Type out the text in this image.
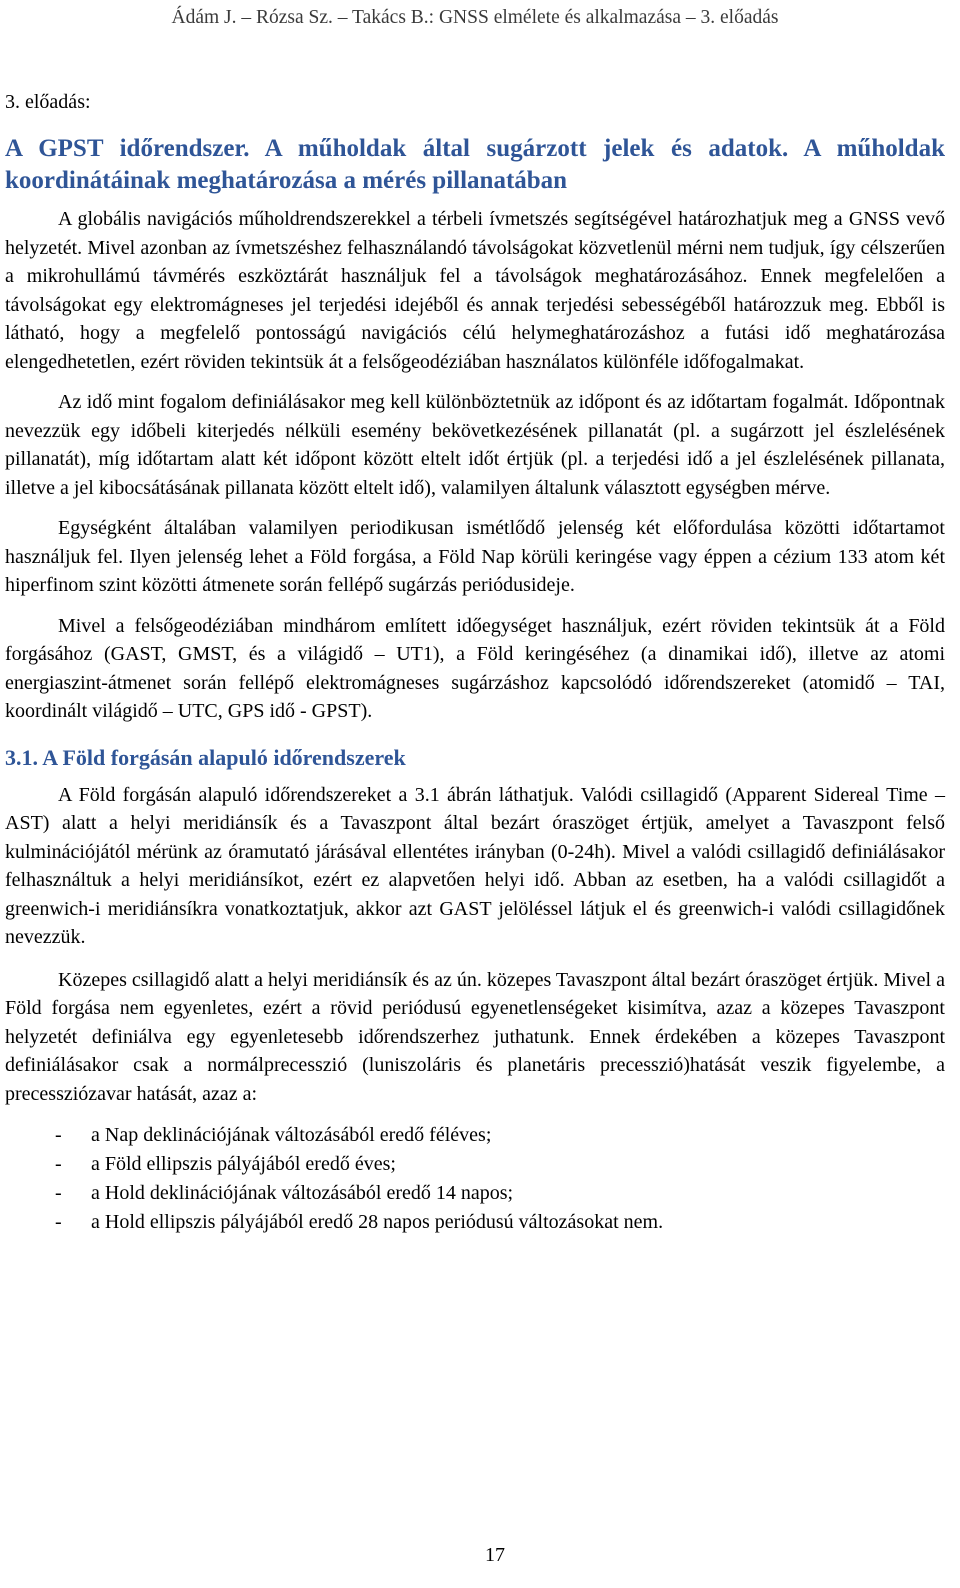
Ádám J. – Rózsa Sz. – Takács B.: GNSS elmélete és alkalmazása – 3. előadás
3. előadás:
A GPST időrendszer. A műholdak által sugárzott jelek és adatok. A műholdak koordinátáinak meghatározása a mérés pillanatában

A globális navigációs műholdrendszerekkel a térbeli ívmetszés segítségével határozhatjuk meg a GNSS vevő helyzetét. Mivel azonban az ívmetszéshez felhasználandó távolságokat közvetlenül mérni nem tudjuk, így célszerűen a mikrohullámú távmérés eszköztárát használjuk fel a távolságok meghatározásához. Ennek megfelelően a távolságokat egy elektromágneses jel terjedési idejéből és annak terjedési sebességéből határozzuk meg. Ebből is látható, hogy a megfelelő pontosságú navigációs célú helymeghatározáshoz a futási idő meghatározása elengedhetetlen, ezért röviden tekintsük át a felsőgeodéziában használatos különféle időfogalmakat.

Az idő mint fogalom definiálásakor meg kell különböztetnük az időpont és az időtartam fogalmát. Időpontnak nevezzük egy időbeli kiterjedés nélküli esemény bekövetkezésének pillanatát (pl. a sugárzott jel észlelésének pillanatát), míg időtartam alatt két időpont között eltelt időt értjük (pl. a terjedési idő a jel észlelésének pillanata, illetve a jel kibocsátásának pillanata között eltelt idő), valamilyen általunk választott egységben mérve.

Egységként általában valamilyen periodikusan ismétlődő jelenség két előfordulása közötti időtartamot használjuk fel. Ilyen jelenség lehet a Föld forgása, a Föld Nap körüli keringése vagy éppen a cézium 133 atom két hiperfinom szint közötti átmenete során fellépő sugárzás periódusideje.

Mivel a felsőgeodéziában mindhárom említett időegységet használjuk, ezért röviden tekintsük át a Föld forgásához (GAST, GMST, és a világidő – UT1), a Föld keringéséhez (a dinamikai idő), illetve az atomi energiaszint-átmenet során fellépő elektromágneses sugárzáshoz kapcsolódó időrendszereket (atomidő – TAI, koordinált világidő – UTC, GPS idő - GPST).

3.1. A Föld forgásán alapuló időrendszerek

A Föld forgásán alapuló időrendszereket a 3.1 ábrán láthatjuk. Valódi csillagidő (Apparent Sidereal Time – AST) alatt a helyi meridiánsík és a Tavaszpont által bezárt óraszöget értjük, amelyet a Tavaszpont felső kulminációjától mérünk az óramutató járásával ellentétes irányban (0-24h). Mivel a valódi csillagidő definiálásakor felhasználtuk a helyi meridiánsíkot, ezért ez alapvetően helyi idő. Abban az esetben, ha a valódi csillagidőt a greenwich-i meridiánsíkra vonatkoztatjuk, akkor azt GAST jelöléssel látjuk el és greenwich-i valódi csillagidőnek nevezzük.

Közepes csillagidő alatt a helyi meridiánsík és az ún. közepes Tavaszpont által bezárt óraszöget értjük. Mivel a Föld forgása nem egyenletes, ezért a rövid periódusú egyenetlenségeket kisimítva, azaz a közepes Tavaszpont helyzetét definiálva egy egyenletesebb időrendszerhez juthatunk. Ennek érdekében a közepes Tavaszpont definiálásakor csak a normálprecesszió (luniszoláris és planetáris precesszió)hatását veszik figyelembe, a precessziózavar hatását, azaz a:

-	a Nap deklinációjának változásából eredő féléves;
-	a Föld ellipszis pályájából eredő éves;
-	a Hold deklinációjának változásából eredő 14 napos;
-	a Hold ellipszis pályájából eredő 28 napos periódusú változásokat nem.
17
